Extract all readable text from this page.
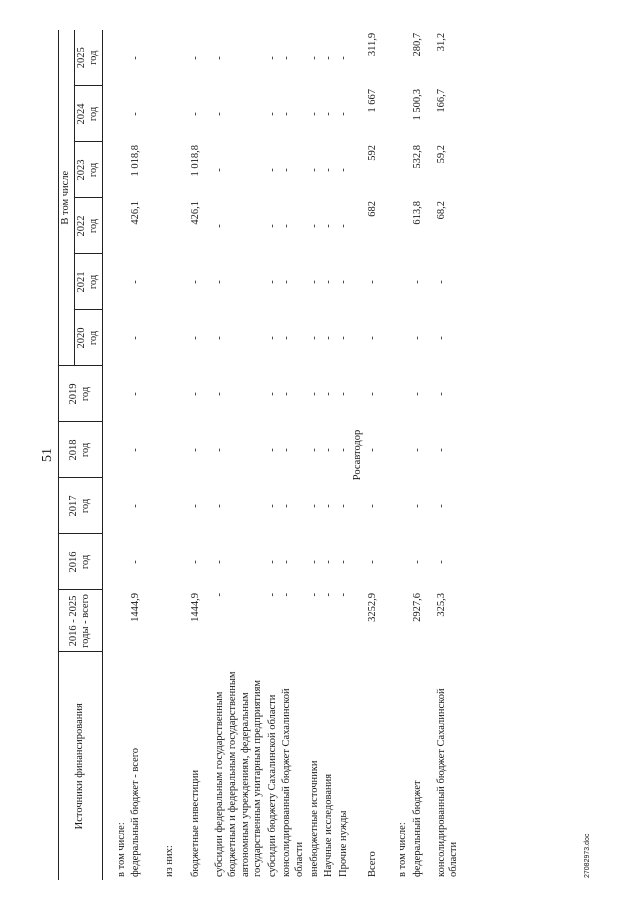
51
Источники финансирования	2016 - 2025 годы - всего	2016 год	2017 год	2018 год	2019 год	В том числе					
						2020 год	2021 год	2022 год	2023 год	2024 год	2025 год

в том числе:											
федеральный бюджет - всего	1444,9	-	-	-	-	-	-	426,1	1 018,8	-	-
из них:											
бюджетные инвестиции	1444,9	-	-	-	-	-	-	426,1	1 018,8	-	-
субсидии федеральным государственным бюджетным и федеральным государственным автономным учреждениям, федеральным государственным унитарным предприятиям	-	-	-	-	-	-	-	-	-	-	-
субсидии бюджету Сахалинской области	-	-	-	-	-	-	-	-	-	-	-
консолидированный бюджет Сахалинской области	-	-	-	-	-	-	-	-	-	-	-
внебюджетные источники	-	-	-	-	-	-	-	-	-	-	-
Научные исследования	-	-	-	-	-	-	-	-	-	-	-
Прочие нужды	-	-	-	-	-	-	-	-	-	-	-
Росавтодор											
Всего	3252,9	-	-	-	-	-	-	682	592	1 667	311,9
в том числе:											
федеральный бюджет	2927,6	-	-	-	-	-	-	613,8	532,8	1 500,3	280,7
консолидированный бюджет Сахалинской области	325,3	-	-	-	-	-	-	68,2	59,2	166,7	31,2
27082973.doc
